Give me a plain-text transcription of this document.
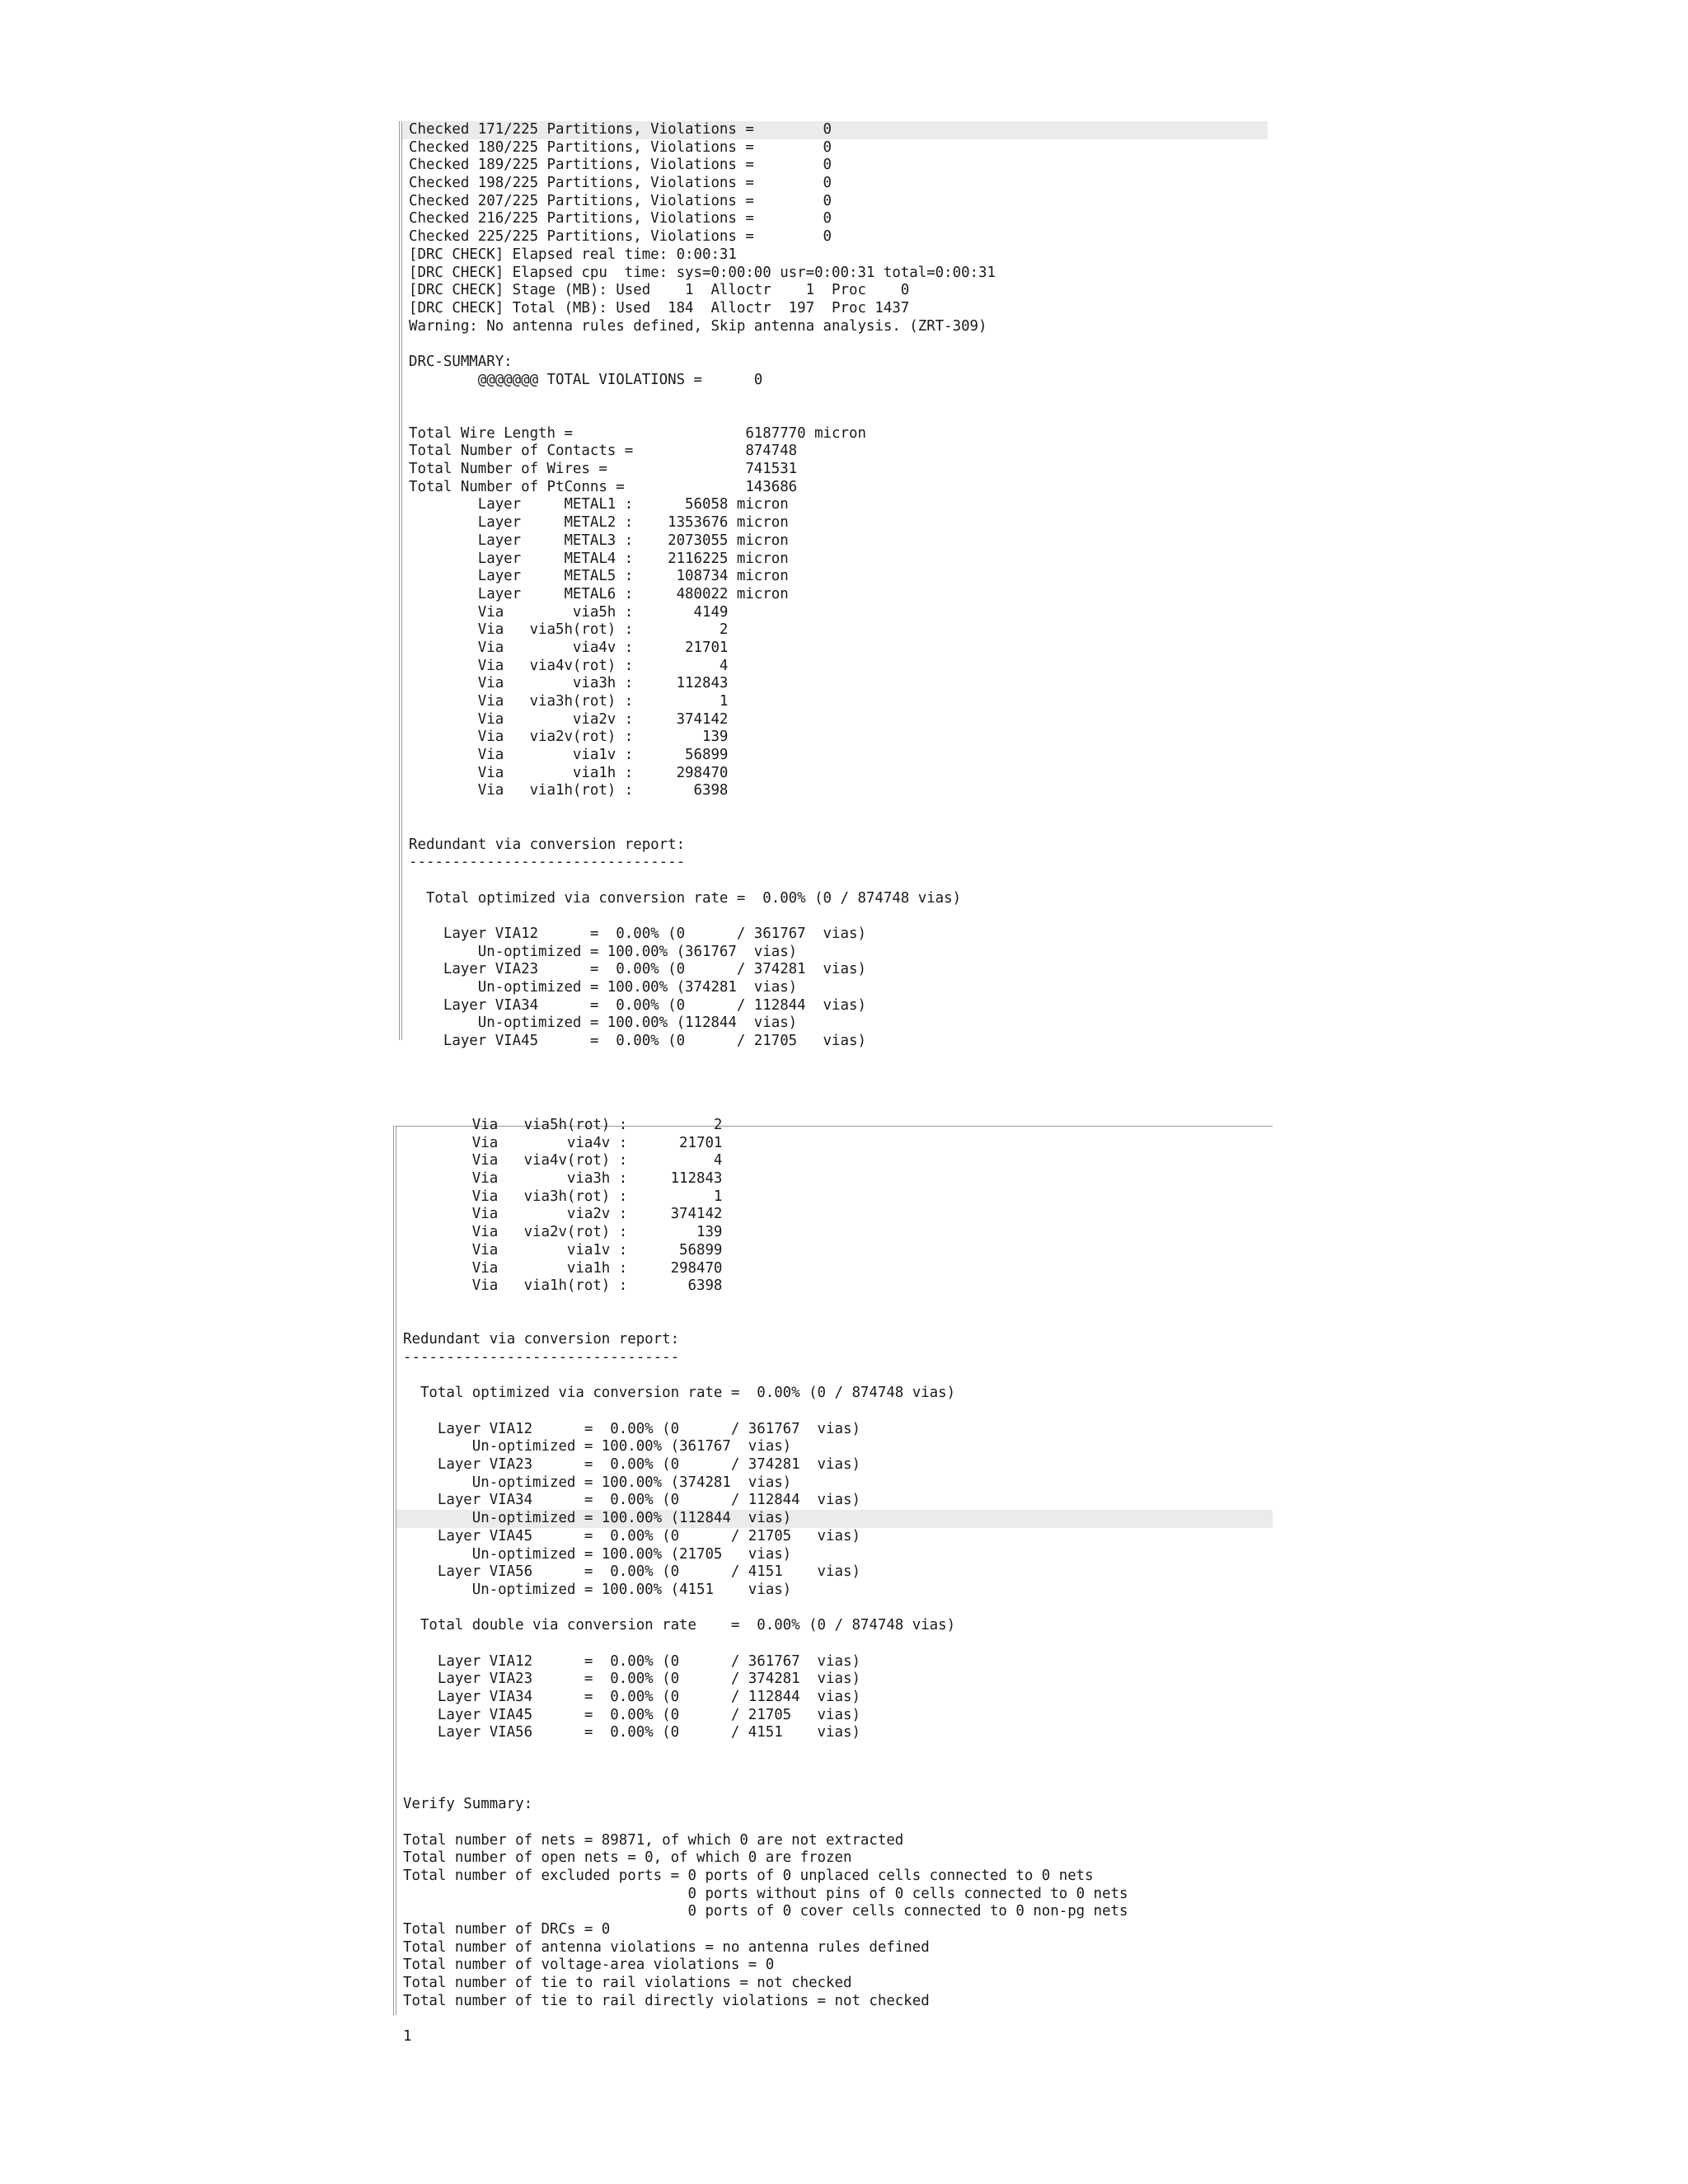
Checked 171/225 Partitions, Violations =        0
Checked 180/225 Partitions, Violations =        0
Checked 189/225 Partitions, Violations =        0
Checked 198/225 Partitions, Violations =        0
Checked 207/225 Partitions, Violations =        0
Checked 216/225 Partitions, Violations =        0
Checked 225/225 Partitions, Violations =        0
[DRC CHECK] Elapsed real time: 0:00:31
[DRC CHECK] Elapsed cpu  time: sys=0:00:00 usr=0:00:31 total=0:00:31
[DRC CHECK] Stage (MB): Used    1  Alloctr    1  Proc    0
[DRC CHECK] Total (MB): Used  184  Alloctr  197  Proc 1437
Warning: No antenna rules defined, Skip antenna analysis. (ZRT-309)
DRC-SUMMARY:
@@@@@@@ TOTAL VIOLATIONS =      0
Total Wire Length =                    6187770 micron
Total Number of Contacts =             874748
Total Number of Wires =                741531
Total Number of PtConns =              143686
Layer     METAL1 :      56058 micron
Layer     METAL2 :    1353676 micron
Layer     METAL3 :    2073055 micron
Layer     METAL4 :    2116225 micron
Layer     METAL5 :     108734 micron
Layer     METAL6 :     480022 micron
Via        via5h :       4149
Via   via5h(rot) :          2
Via        via4v :      21701
Via   via4v(rot) :          4
Via        via3h :     112843
Via   via3h(rot) :          1
Via        via2v :     374142
Via   via2v(rot) :        139
Via        via1v :      56899
Via        via1h :     298470
Via   via1h(rot) :       6398
Redundant via conversion report:
--------------------------------
Total optimized via conversion rate =  0.00% (0 / 874748 vias)
Layer VIA12      =  0.00% (0      / 361767  vias)
Un-optimized = 100.00% (361767  vias)
Layer VIA23      =  0.00% (0      / 374281  vias)
Un-optimized = 100.00% (374281  vias)
Layer VIA34      =  0.00% (0      / 112844  vias)
Un-optimized = 100.00% (112844  vias)
Layer VIA45      =  0.00% (0      / 21705   vias)
Via   via5h(rot) :          2
Via        via4v :      21701
Via   via4v(rot) :          4
Via        via3h :     112843
Via   via3h(rot) :          1
Via        via2v :     374142
Via   via2v(rot) :        139
Via        via1v :      56899
Via        via1h :     298470
Via   via1h(rot) :       6398
Redundant via conversion report:
--------------------------------
Total optimized via conversion rate =  0.00% (0 / 874748 vias)
Layer VIA12      =  0.00% (0      / 361767  vias)
Un-optimized = 100.00% (361767  vias)
Layer VIA23      =  0.00% (0      / 374281  vias)
Un-optimized = 100.00% (374281  vias)
Layer VIA34      =  0.00% (0      / 112844  vias)
Un-optimized = 100.00% (112844  vias)
Layer VIA45      =  0.00% (0      / 21705   vias)
Un-optimized = 100.00% (21705   vias)
Layer VIA56      =  0.00% (0      / 4151    vias)
Un-optimized = 100.00% (4151    vias)
Total double via conversion rate    =  0.00% (0 / 874748 vias)
Layer VIA12      =  0.00% (0      / 361767  vias)
Layer VIA23      =  0.00% (0      / 374281  vias)
Layer VIA34      =  0.00% (0      / 112844  vias)
Layer VIA45      =  0.00% (0      / 21705   vias)
Layer VIA56      =  0.00% (0      / 4151    vias)
Verify Summary:
Total number of nets = 89871, of which 0 are not extracted
Total number of open nets = 0, of which 0 are frozen
Total number of excluded ports = 0 ports of 0 unplaced cells connected to 0 nets
0 ports without pins of 0 cells connected to 0 nets
0 ports of 0 cover cells connected to 0 non-pg nets
Total number of DRCs = 0
Total number of antenna violations = no antenna rules defined
Total number of voltage-area violations = 0
Total number of tie to rail violations = not checked
Total number of tie to rail directly violations = not checked
1
